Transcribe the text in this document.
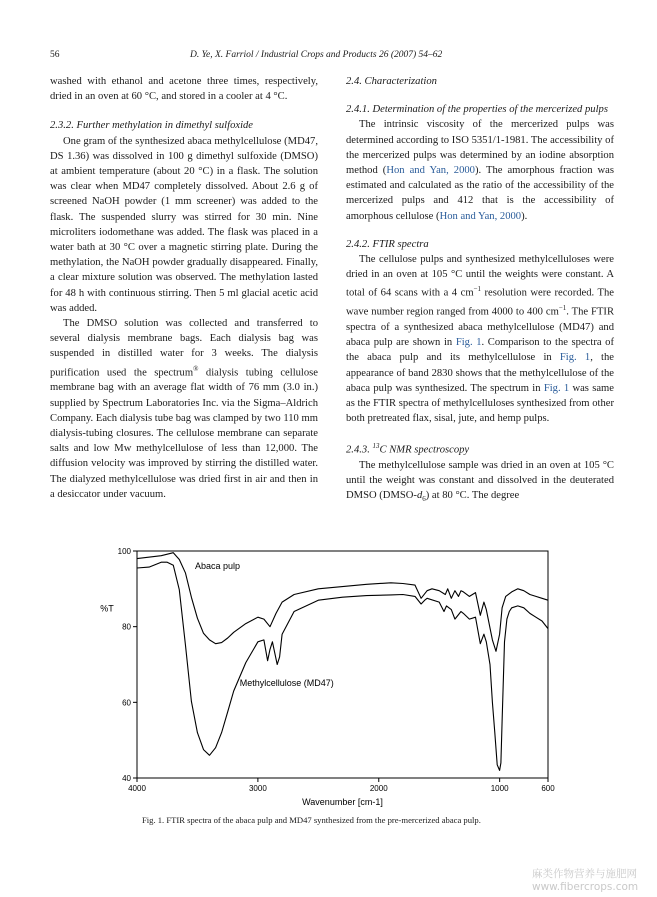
56	D. Ye, X. Farriol / Industrial Crops and Products 26 (2007) 54–62

washed with ethanol and acetone three times, respectively, dried in an oven at 60 °C, and stored in a cooler at 4 °C.

2.3.2. Further methylation in dimethyl sulfoxide

One gram of the synthesized abaca methylcellulose (MD47, DS 1.36) was dissolved in 100 g dimethyl sulfoxide (DMSO) at ambient temperature (about 20 °C) in a flask. The solution was clear when MD47 completely dissolved. About 2.6 g of screened NaOH powder (1 mm screener) was added to the flask. The suspended slurry was stirred for 30 min. Nine microliters iodomethane was added. The flask was placed in a water bath at 30 °C over a magnetic stirring plate. During the methylation, the NaOH powder gradually disappeared. Finally, a clear mixture solution was observed. The methylation lasted for 48 h with continuous stirring. Then 5 ml glacial acetic acid was added.

The DMSO solution was collected and transferred to several dialysis membrane bags. Each dialysis bag was suspended in distilled water for 3 weeks. The dialysis purification used the spectrum® dialysis tubing cellulose membrane bag with an average flat width of 76 mm (3.0 in.) supplied by Spectrum Laboratories Inc. via the Sigma–Aldrich Company. Each dialysis tube bag was clamped by two 110 mm dialysis-tubing closures. The cellulose membrane can separate salts and low Mw methylcellulose of less than 12,000. The diffusion velocity was improved by stirring the distilled water. The dialyzed methylcellulose was dried first in air and then in a desiccator under vacuum.

2.4. Characterization
2.4.1. Determination of the properties of the mercerized pulps

The intrinsic viscosity of the mercerized pulps was determined according to ISO 5351/1-1981. The accessibility of the mercerized pulps was determined by an iodine absorption method (Hon and Yan, 2000). The amorphous fraction was estimated and calculated as the ratio of the accessibility of the mercerized pulps and 412 that is the accessibility of amorphous cellulose (Hon and Yan, 2000).

2.4.2. FTIR spectra

The cellulose pulps and synthesized methylcelluloses were dried in an oven at 105 °C until the weights were constant. A total of 64 scans with a 4 $cm^{-1}$ resolution were recorded. The wave number region ranged from 4000 to 400 $cm^{-1}$. The FTIR spectra of a synthesized abaca methylcellulose (MD47) and abaca pulp are shown in Fig. 1. Comparison to the spectra of the abaca pulp and its methylcellulose in Fig. 1, the appearance of band 2830 shows that the methylcellulose of the abaca pulp was synthesized. The spectrum in Fig. 1 was same as the FTIR spectra of methylcelluloses synthesized from other both pretreated flax, sisal, jute, and hemp pulps.

2.4.3. $^{13}$C NMR spectroscopy

The methylcellulose sample was dried in an oven at 105 °C until the weight was constant and dissolved in the deuterated DMSO $(DMSO-d_6)$ at 80 °C. The degree

4000	3000	2000	1000	600
40
60
80
100
Wavenumber [cm-1]
%T
Abaca pulp
Methylcellulose (MD47)
Fig. 1. FTIR spectra of the abaca pulp and MD47 synthesized from the pre-mercerized abaca pulp.
麻类作物营养与施肥网
www.fibercrops.com
